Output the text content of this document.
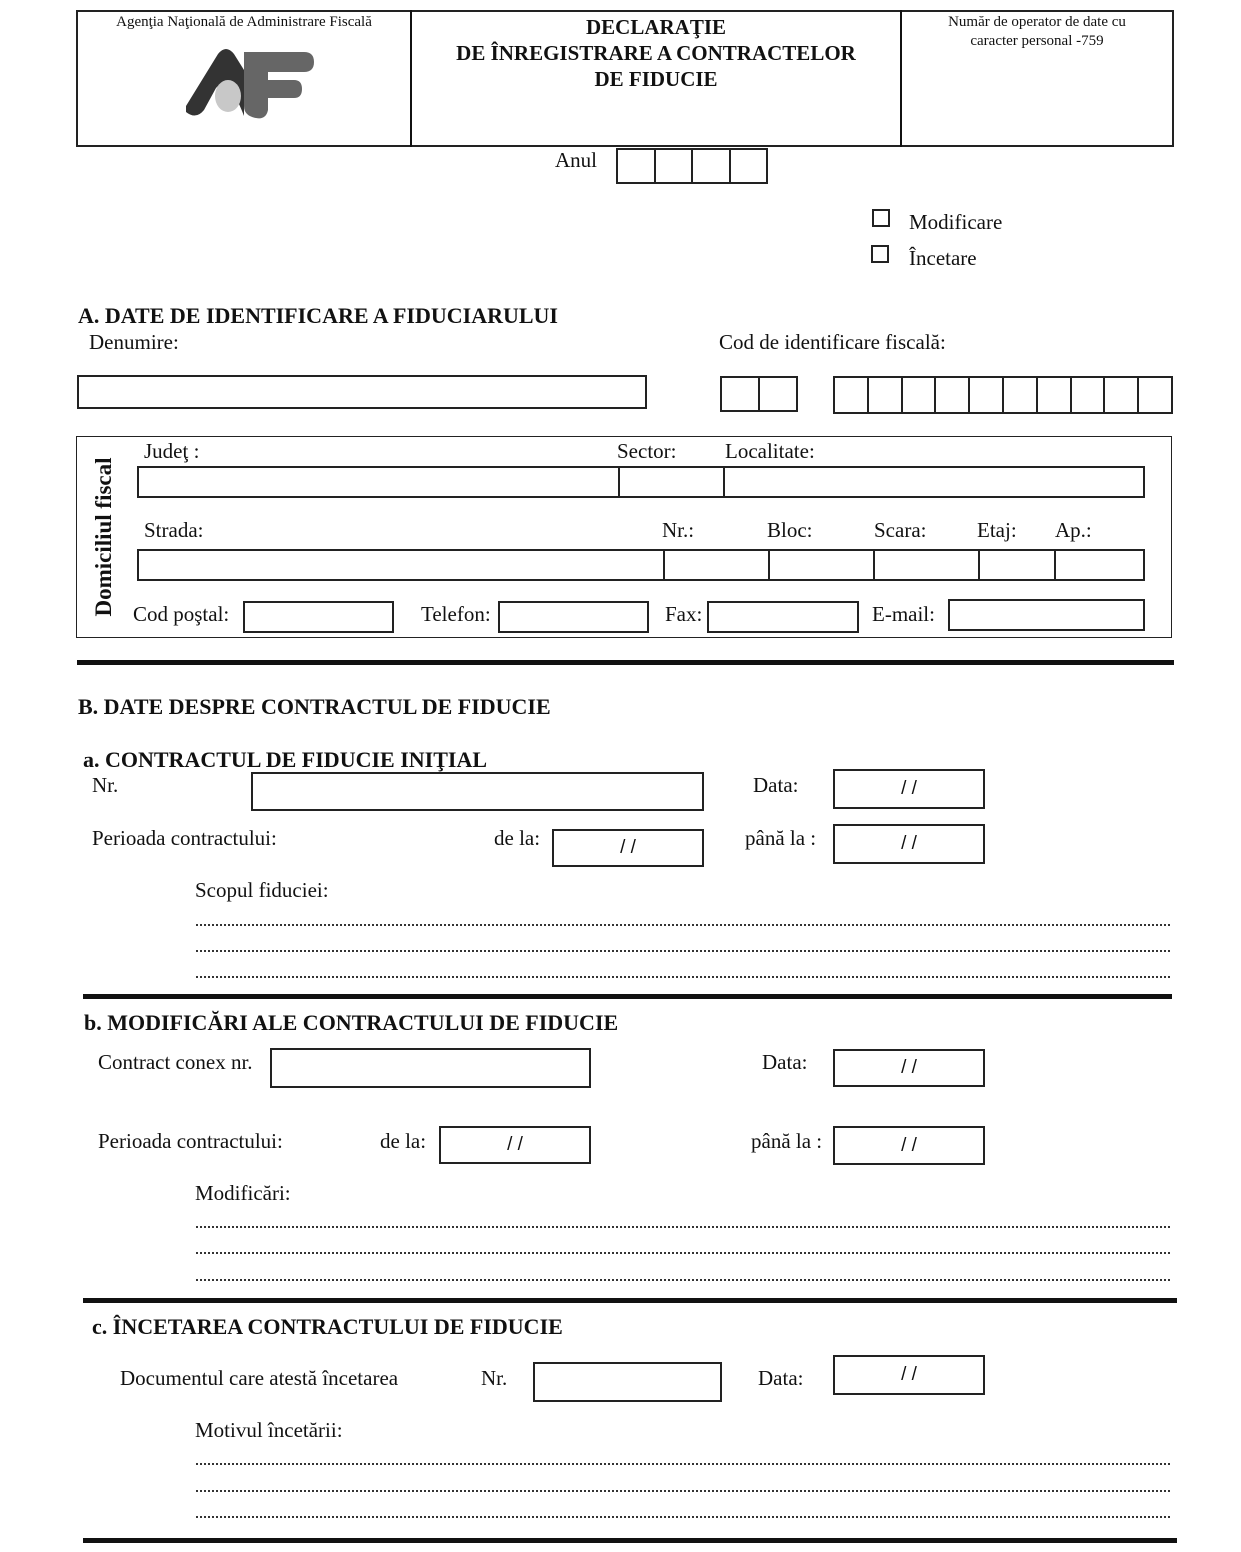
Agenţia Naţională de Administrare Fiscală	DECLARAŢIE
DE ÎNREGISTRARE A CONTRACTELOR
DE FIDUCIE
Număr de operator de date cu
caracter personal -759
Anul
Modificare
Încetare
A. DATE DE IDENTIFICARE A FIDUCIARULUI
Denumire:	Cod de identificare fiscală:
Domiciliul fiscal
Judeţ :	Sector: Localitate:
Strada:	Nr.:	Bloc:	Scara: Etaj: Ap.:
Cod poştal:	Telefon:	Fax:	E-mail:
B. DATE DESPRE CONTRACTUL DE FIDUCIE
a. CONTRACTUL DE FIDUCIE INIŢIAL
Nr.	Data:	/ /
Perioada contractului:	de la:	/ /	până la :	/ /
Scopul fiduciei:
b. MODIFICĂRI ALE CONTRACTULUI DE FIDUCIE
Contract conex nr.	Data:	/ /
Perioada contractului:	de la:	/ /	până la :	/ /
Modificări:
c. ÎNCETAREA CONTRACTULUI DE FIDUCIE
Documentul care atestă încetarea	Nr.	Data:	/ /
Motivul încetării:
